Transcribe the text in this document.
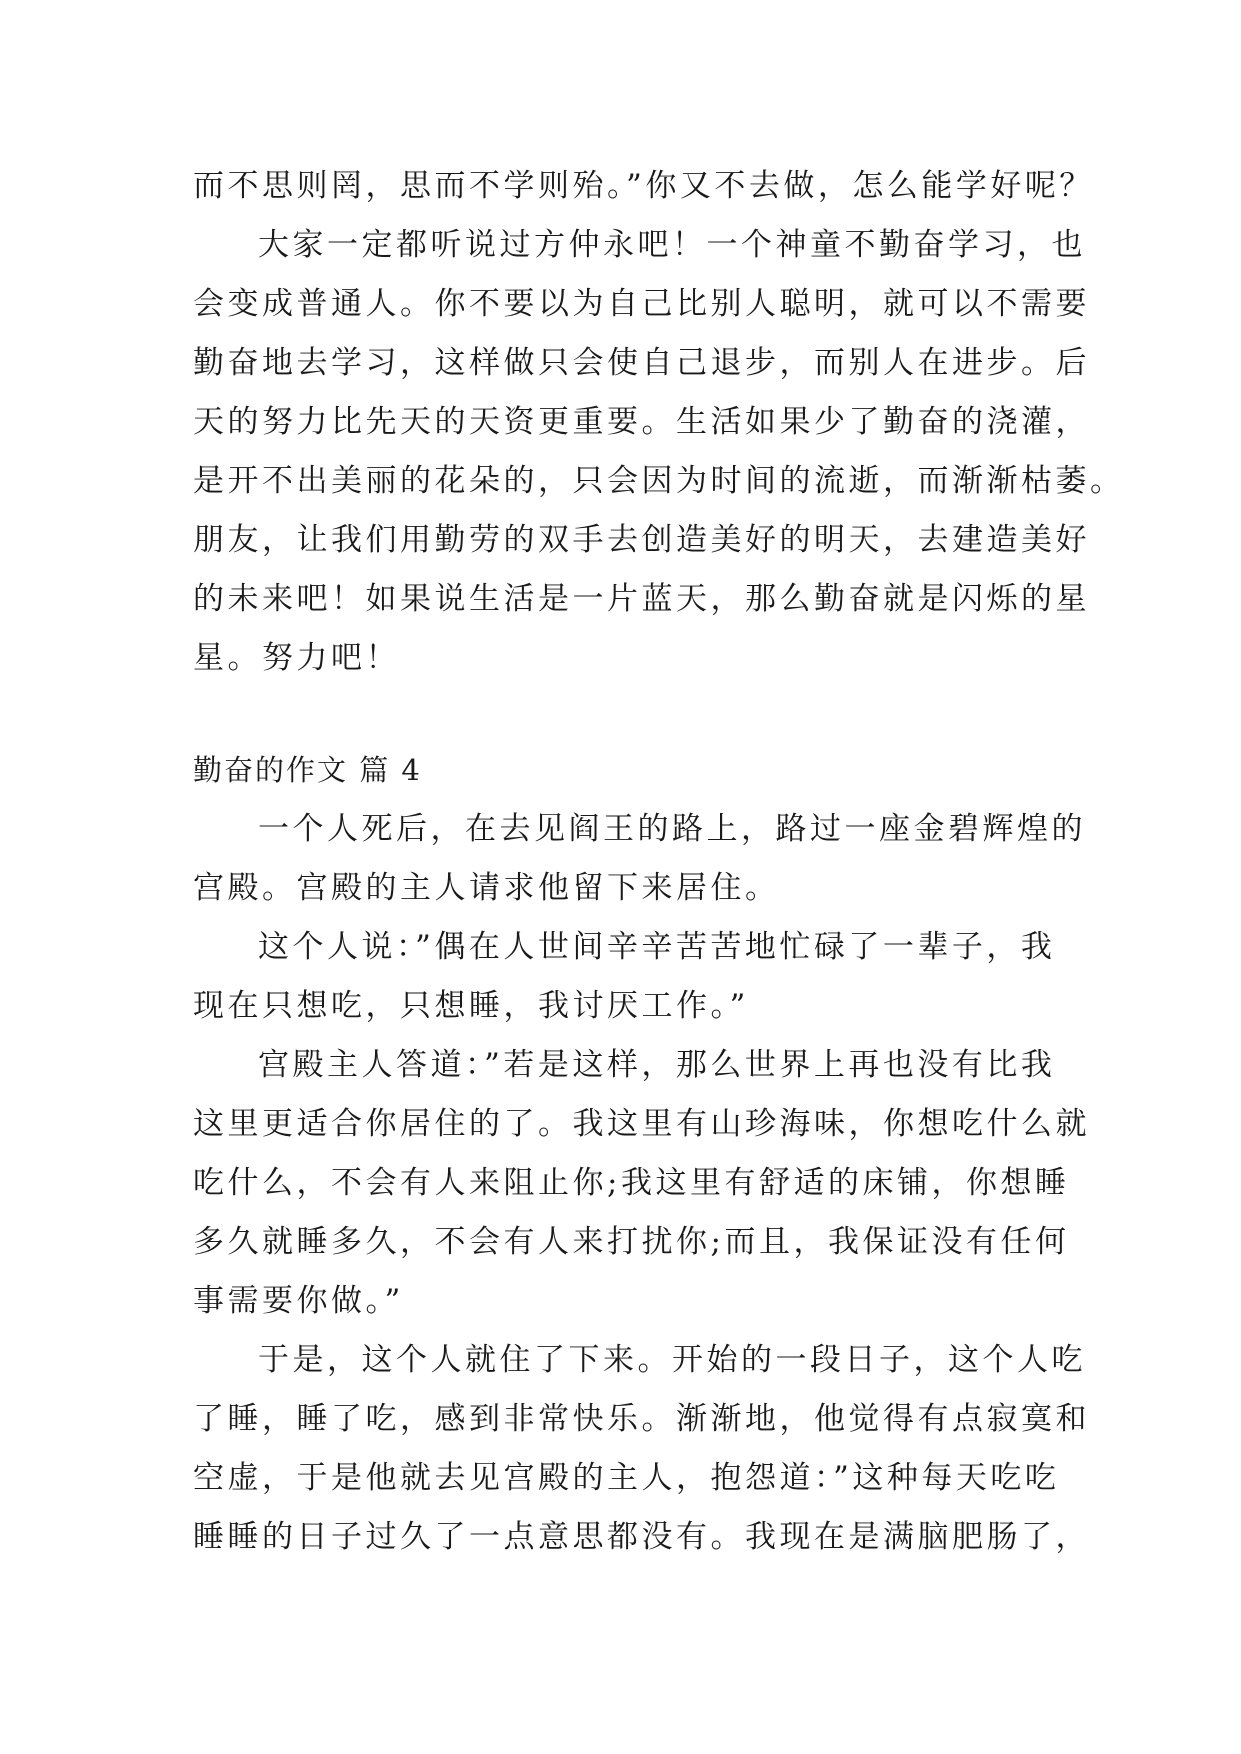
而不思则罔，思而不学则殆。”你又不去做，怎么能学好呢？
大家一定都听说过方仲永吧！一个神童不勤奋学习，也
会变成普通人。你不要以为自己比别人聪明，就可以不需要
勤奋地去学习，这样做只会使自己退步，而别人在进步。后
天的努力比先天的天资更重要。生活如果少了勤奋的浇灌，
是开不出美丽的花朵的，只会因为时间的流逝，而渐渐枯萎。
朋友，让我们用勤劳的双手去创造美好的明天，去建造美好
的未来吧！如果说生活是一片蓝天，那么勤奋就是闪烁的星
星。努力吧！
勤奋的作文 篇 4
一个人死后，在去见阎王的路上，路过一座金碧辉煌的
宫殿。宫殿的主人请求他留下来居住。
这个人说：”偶在人世间辛辛苦苦地忙碌了一辈子，我
现在只想吃，只想睡，我讨厌工作。”
宫殿主人答道：”若是这样，那么世界上再也没有比我
这里更适合你居住的了。我这里有山珍海味，你想吃什么就
吃什么，不会有人来阻止你;我这里有舒适的床铺，你想睡
多久就睡多久，不会有人来打扰你;而且，我保证没有任何
事需要你做。”
于是，这个人就住了下来。开始的一段日子，这个人吃
了睡，睡了吃，感到非常快乐。渐渐地，他觉得有点寂寞和
空虚，于是他就去见宫殿的主人，抱怨道：”这种每天吃吃
睡睡的日子过久了一点意思都没有。我现在是满脑肥肠了，
